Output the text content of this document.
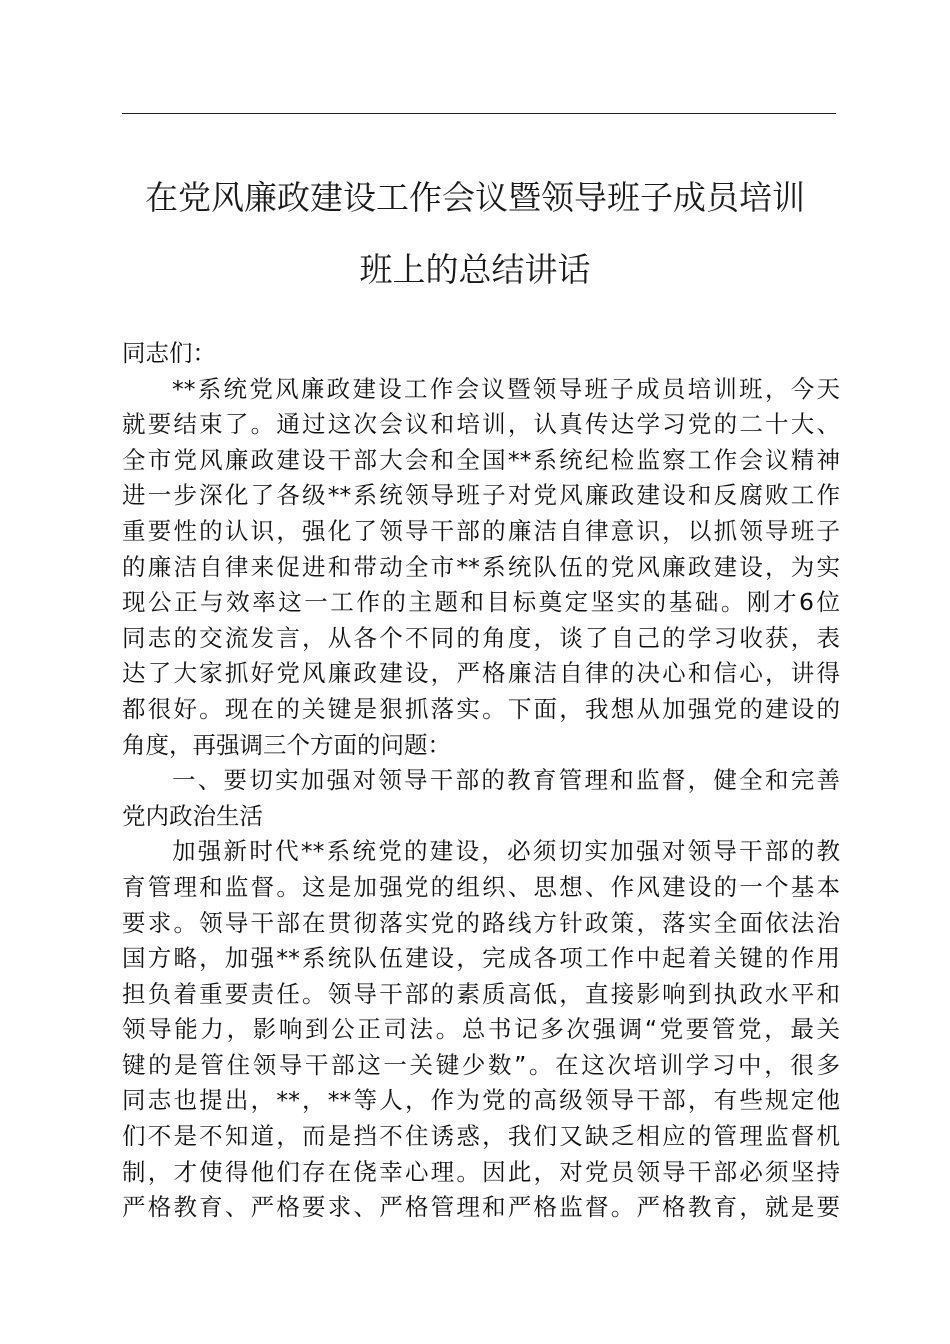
在党风廉政建设工作会议暨领导班子成员培训
班上的总结讲话
同志们：
**系统党风廉政建设工作会议暨领导班子成员培训班，今天
就要结束了。通过这次会议和培训，认真传达学习党的二十大、
全市党风廉政建设干部大会和全国**系统纪检监察工作会议精神
进一步深化了各级**系统领导班子对党风廉政建设和反腐败工作
重要性的认识，强化了领导干部的廉洁自律意识，以抓领导班子
的廉洁自律来促进和带动全市**系统队伍的党风廉政建设，为实
现公正与效率这一工作的主题和目标奠定坚实的基础。刚才6位
同志的交流发言，从各个不同的角度，谈了自己的学习收获，表
达了大家抓好党风廉政建设，严格廉洁自律的决心和信心，讲得
都很好。现在的关键是狠抓落实。下面，我想从加强党的建设的
角度，再强调三个方面的问题：
一、要切实加强对领导干部的教育管理和监督，健全和完善
党内政治生活
加强新时代**系统党的建设，必须切实加强对领导干部的教
育管理和监督。这是加强党的组织、思想、作风建设的一个基本
要求。领导干部在贯彻落实党的路线方针政策，落实全面依法治
国方略，加强**系统队伍建设，完成各项工作中起着关键的作用
担负着重要责任。领导干部的素质高低，直接影响到执政水平和
领导能力，影响到公正司法。总书记多次强调“党要管党，最关
键的是管住领导干部这一关键少数”。在这次培训学习中，很多
同志也提出，**，**等人，作为党的高级领导干部，有些规定他
们不是不知道，而是挡不住诱惑，我们又缺乏相应的管理监督机
制，才使得他们存在侥幸心理。因此，对党员领导干部必须坚持
严格教育、严格要求、严格管理和严格监督。严格教育，就是要
